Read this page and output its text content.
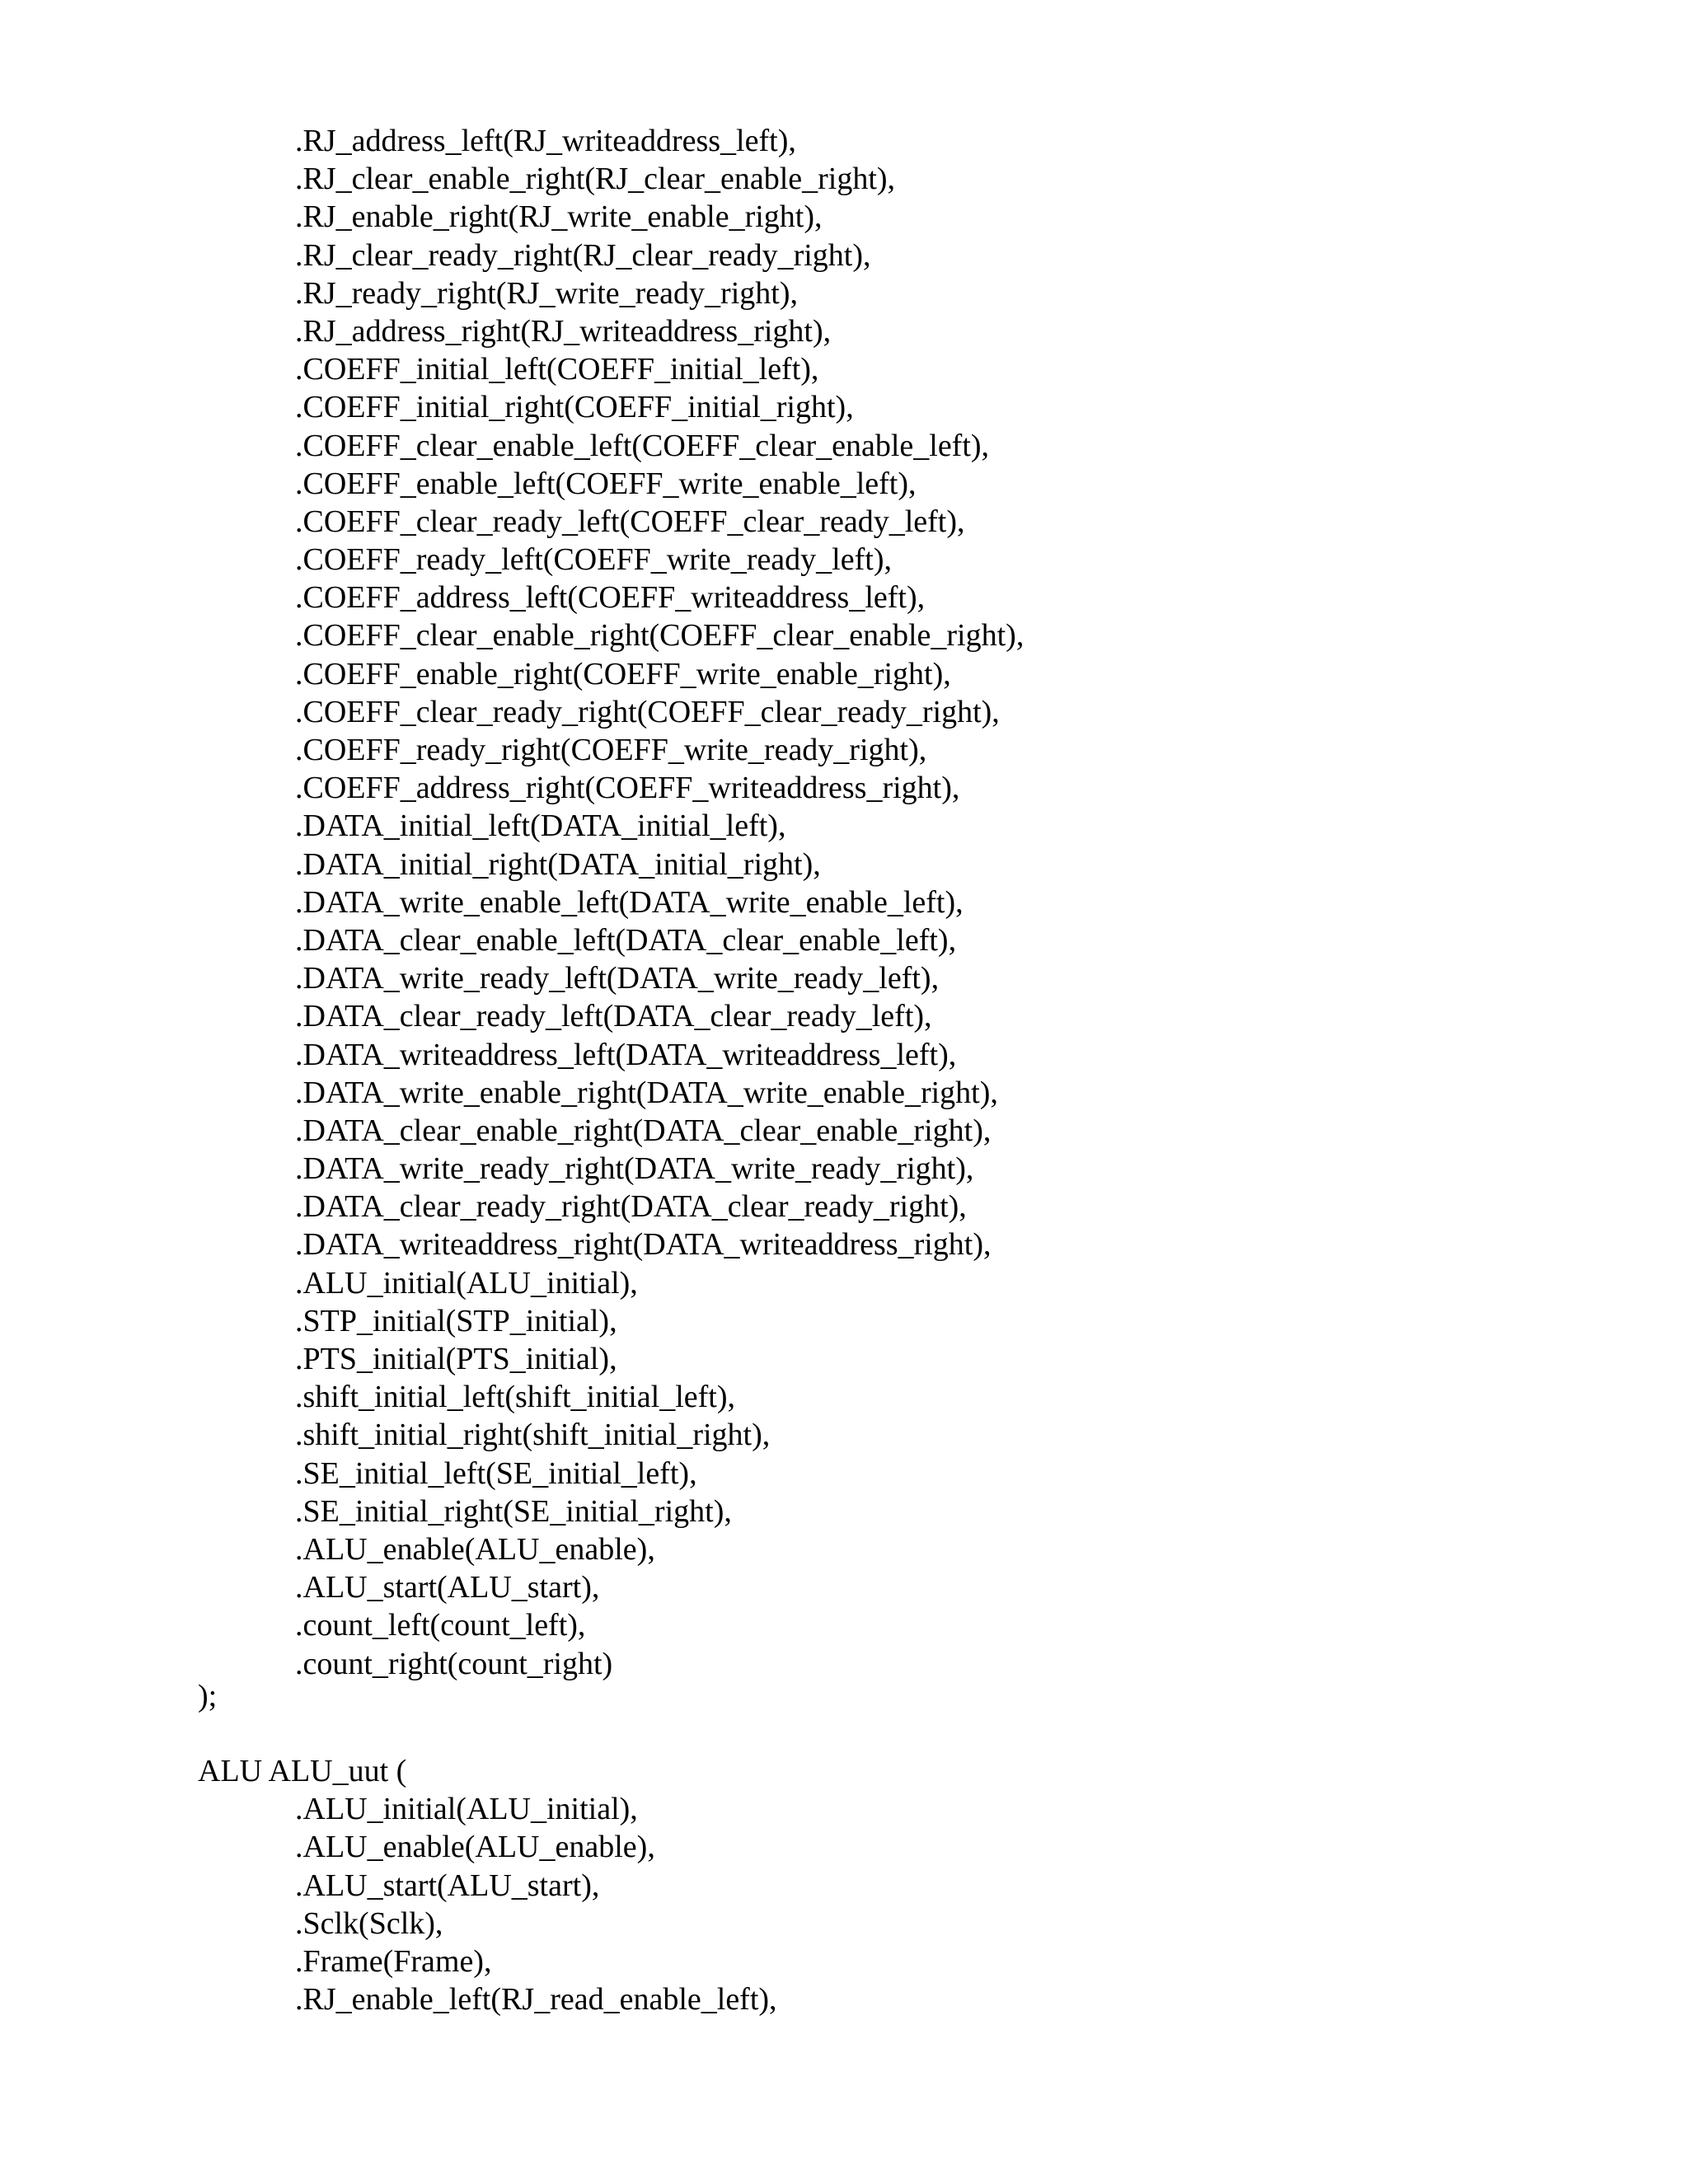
.RJ_address_left(RJ_writeaddress_left),
.RJ_clear_enable_right(RJ_clear_enable_right),
.RJ_enable_right(RJ_write_enable_right),
.RJ_clear_ready_right(RJ_clear_ready_right),
.RJ_ready_right(RJ_write_ready_right),
.RJ_address_right(RJ_writeaddress_right),
.COEFF_initial_left(COEFF_initial_left),
.COEFF_initial_right(COEFF_initial_right),
.COEFF_clear_enable_left(COEFF_clear_enable_left),
.COEFF_enable_left(COEFF_write_enable_left),
.COEFF_clear_ready_left(COEFF_clear_ready_left),
.COEFF_ready_left(COEFF_write_ready_left),
.COEFF_address_left(COEFF_writeaddress_left),
.COEFF_clear_enable_right(COEFF_clear_enable_right),
.COEFF_enable_right(COEFF_write_enable_right),
.COEFF_clear_ready_right(COEFF_clear_ready_right),
.COEFF_ready_right(COEFF_write_ready_right),
.COEFF_address_right(COEFF_writeaddress_right),
.DATA_initial_left(DATA_initial_left),
.DATA_initial_right(DATA_initial_right),
.DATA_write_enable_left(DATA_write_enable_left),
.DATA_clear_enable_left(DATA_clear_enable_left),
.DATA_write_ready_left(DATA_write_ready_left),
.DATA_clear_ready_left(DATA_clear_ready_left),
.DATA_writeaddress_left(DATA_writeaddress_left),
.DATA_write_enable_right(DATA_write_enable_right),
.DATA_clear_enable_right(DATA_clear_enable_right),
.DATA_write_ready_right(DATA_write_ready_right),
.DATA_clear_ready_right(DATA_clear_ready_right),
.DATA_writeaddress_right(DATA_writeaddress_right),
.ALU_initial(ALU_initial),
.STP_initial(STP_initial),
.PTS_initial(PTS_initial),
.shift_initial_left(shift_initial_left),
.shift_initial_right(shift_initial_right),
.SE_initial_left(SE_initial_left),
.SE_initial_right(SE_initial_right),
.ALU_enable(ALU_enable),
.ALU_start(ALU_start),
.count_left(count_left),
.count_right(count_right)
);
ALU ALU_uut (
.ALU_initial(ALU_initial),
.ALU_enable(ALU_enable),
.ALU_start(ALU_start),
.Sclk(Sclk),
.Frame(Frame),
.RJ_enable_left(RJ_read_enable_left),
